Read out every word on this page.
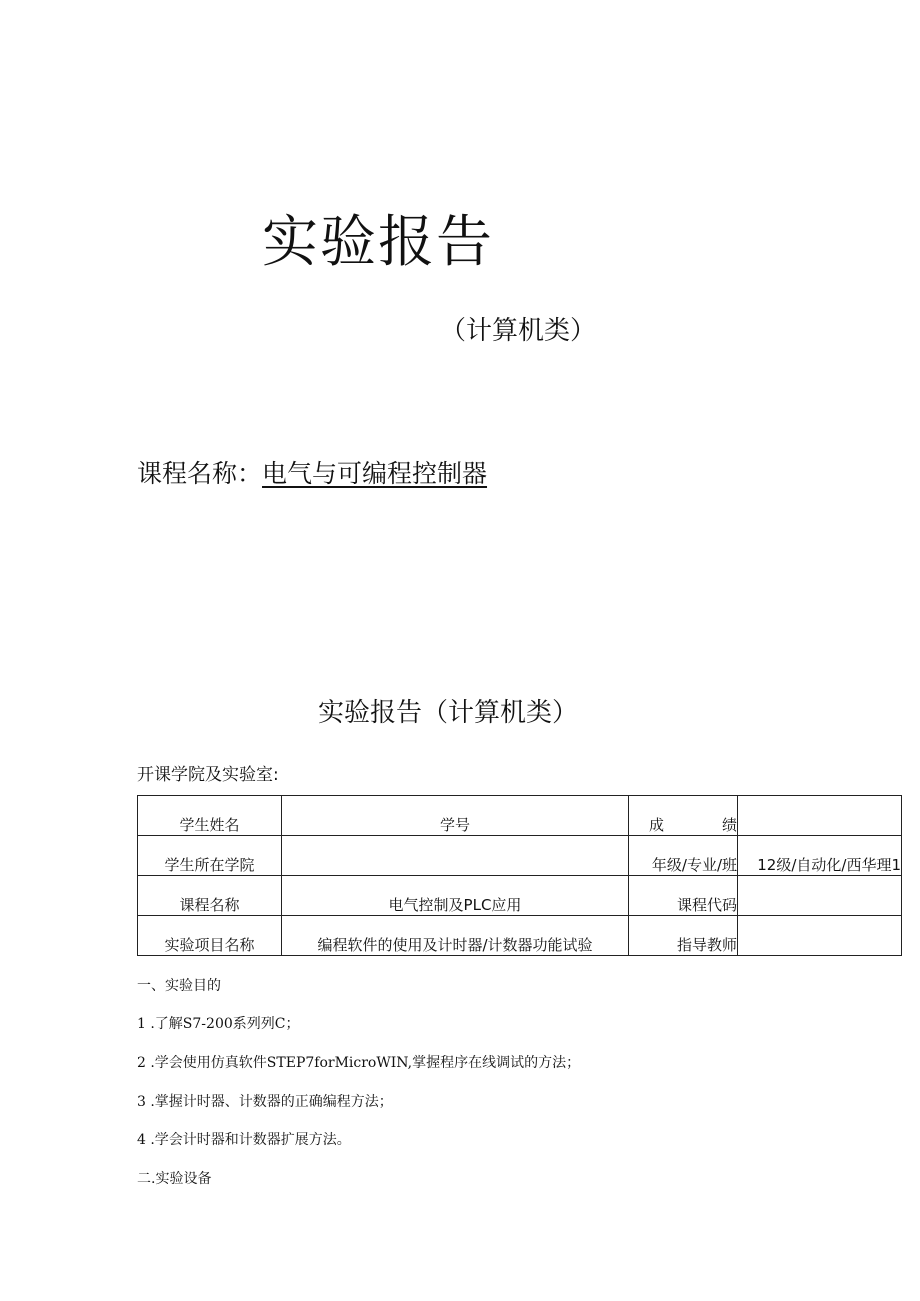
实验报告
（计算机类）
课程名称：电气与可编程控制器
实验报告（计算机类）
开课学院及实验室:
学生姓名	学号	成绩	
学生所在学院		年级/专业/班	12级/自动化/西华理1
课程名称	电气控制及PLC应用	课程代码	
实验项目名称	编程软件的使用及计时器/计数器功能试验	指导教师	
一、实验目的
1 .了解S7-200系列列C；
2 .学会使用仿真软件STEP7forMicroWIN,掌握程序在线调试的方法；
3 .掌握计时器、计数器的正确编程方法；
4 .学会计时器和计数器扩展方法。
二.实验设备
